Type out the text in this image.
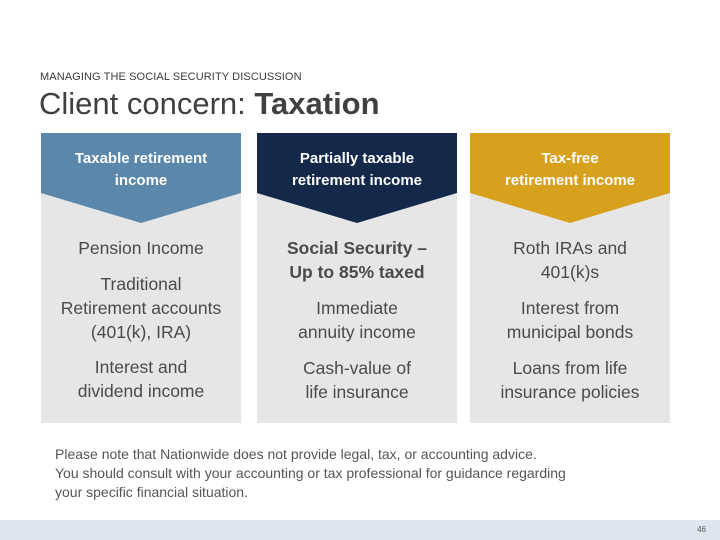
MANAGING THE SOCIAL SECURITY DISCUSSION
Client concern: Taxation
Taxable retirement
income
Pension Income
Traditional
Retirement accounts
(401(k), IRA)
Interest and
dividend income
Partially taxable
retirement income
Social Security –
Up to 85% taxed
Immediate
annuity income
Cash-value of
life insurance
Tax-free
retirement income
Roth IRAs and
401(k)s
Interest from
municipal bonds
Loans from life
insurance policies
Please note that Nationwide does not provide legal, tax, or accounting advice.
You should consult with your accounting or tax professional for guidance regarding
your specific financial situation.
46
